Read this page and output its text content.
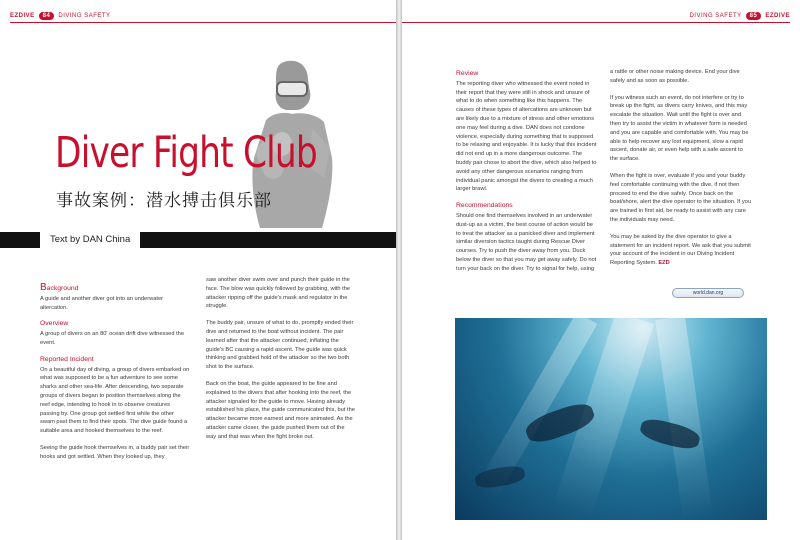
EZDIVE	84	DIVING SAFETY
Diver Fight Club
事故案例：潜水搏击俱乐部
Text by DAN China
Background

A guide and another diver got into an underwater altercation.

Overview

A group of divers on an 80' ocean drift dive witnessed the event.

Reported Incident

On a beautiful day of diving, a group of divers embarked on what was supposed to be a fun adventure to see some sharks and other sea-life. After descending, two separate groups of divers began to position themselves along the reef edge, intending to hook in to observe creatures passing by. One group got settled first while the other swam past them to find their spots. The dive guide found a suitable area and hooked themselves to the reef.

Seeing the guide hook themselves in, a buddy pair set their hooks and got settled. When they looked up, they

saw another diver swim over and punch their guide in the face. The blow was quickly followed by grabbing, with the attacker ripping off the guide's mask and regulator in the struggle.

The buddy pair, unsure of what to do, promptly ended their dive and returned to the boat without incident. The pair learned after that the attacker continued, inflating the guide's BC causing a rapid ascent. The guide was quick thinking and grabbed hold of the attacker so the two both shot to the surface.

Back on the boat, the guide appeared to be fine and explained to the divers that after hooking into the reef, the attacker signaled for the guide to move. Having already established his place, the guide communicated this, but the attacker became more earnest and more animated. As the attacker came closer, the guide pushed them out of the way and that was when the fight broke out.

DIVING SAFETY	85	EZDIVE
Review

The reporting diver who witnessed the event noted in their report that they were still in shock and unsure of what to do when something like this happens. The causes of these types of altercations are unknown but are likely due to a mixture of stress and other emotions one may feel during a dive. DAN does not condone violence, especially during something that is supposed to be relaxing and enjoyable. It is lucky that this incident did not end up in a more dangerous outcome. The buddy pair chose to abort the dive, which also helped to avoid any other dangerous scenarios ranging from individual panic amongst the divers to creating a much larger brawl.

Recommendations

Should one find themselves involved in an underwater dust-up as a victim, the best course of action would be to treat the attacker as a panicked diver and implement similar diversion tactics taught during Rescue Diver courses. Try to push the diver away from you. Duck below the diver so that you may get away safely. Do not turn your back on the diver. Try to signal for help, using

a rattle or other noise making device. End your dive safely and as soon as possible.

If you witness such an event, do not interfere or try to break up the fight, as divers carry knives, and this may escalate the situation. Wait until the fight is over and then try to assist the victim in whatever form is needed and you are capable and comfortable with. You may be able to help recover any lost equipment, slow a rapid ascent, donate air, or even help with a safe ascent to the surface.

When the fight is over, evaluate if you and your buddy feel comfortable continuing with the dive, if not then proceed to end the dive safely. Once back on the boat/shore, alert the dive operator to the situation. If you are trained in first aid, be ready to assist with any care the individuals may need.

You may be asked by the dive operator to give a statement for an incident report. We ask that you submit your account of the incident in our Diving Incident Reporting System. EZD

world.dan.org
